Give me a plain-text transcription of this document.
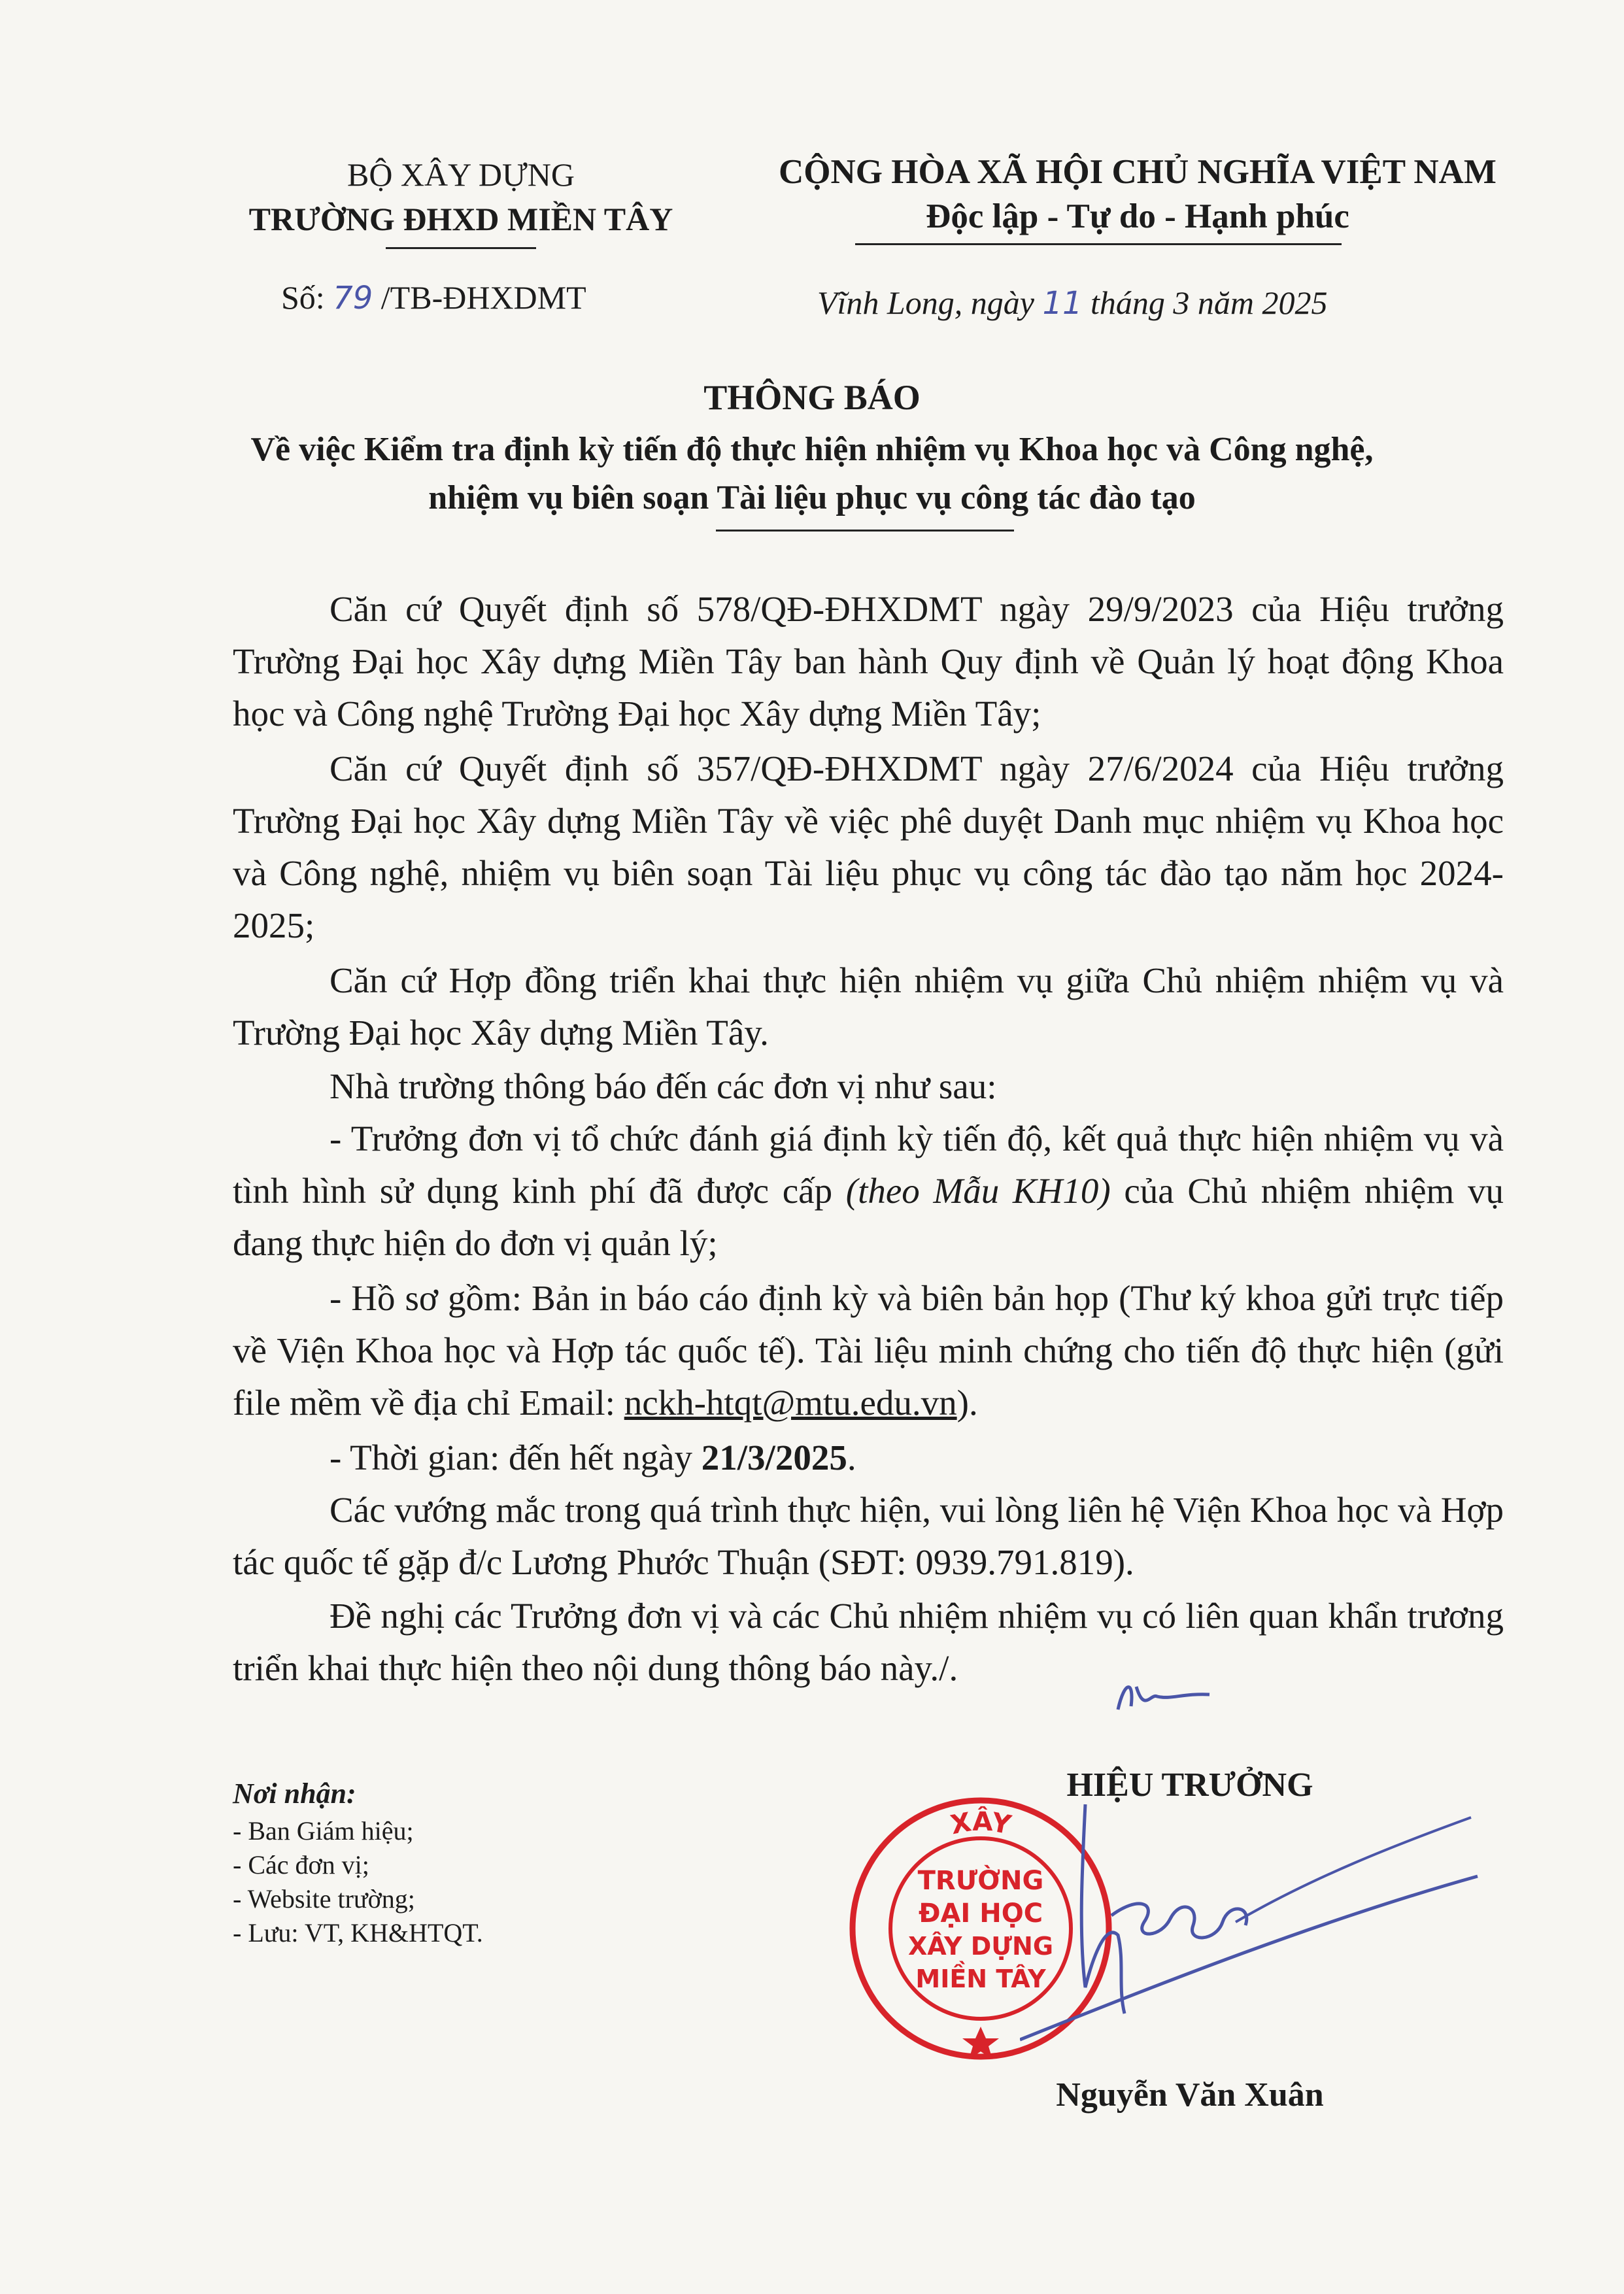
BỘ XÂY DỰNG
TRƯỜNG ĐHXD MIỀN TÂY
Số: 79 /TB-ĐHXDMT
CỘNG HÒA XÃ HỘI CHỦ NGHĨA VIỆT NAM
Độc lập - Tự do - Hạnh phúc
Vĩnh Long, ngày 11 tháng 3 năm 2025
THÔNG BÁO
Về việc Kiểm tra định kỳ tiến độ thực hiện nhiệm vụ Khoa học và Công nghệ,
nhiệm vụ biên soạn Tài liệu phục vụ công tác đào tạo
Căn cứ Quyết định số 578/QĐ-ĐHXDMT ngày 29/9/2023 của Hiệu trưởng Trường Đại học Xây dựng Miền Tây ban hành Quy định về Quản lý hoạt động Khoa học và Công nghệ Trường Đại học Xây dựng Miền Tây;
Căn cứ Quyết định số 357/QĐ-ĐHXDMT ngày 27/6/2024 của Hiệu trưởng Trường Đại học Xây dựng Miền Tây về việc phê duyệt Danh mục nhiệm vụ Khoa học và Công nghệ, nhiệm vụ biên soạn Tài liệu phục vụ công tác đào tạo năm học 2024-2025;
Căn cứ Hợp đồng triển khai thực hiện nhiệm vụ giữa Chủ nhiệm nhiệm vụ và Trường Đại học Xây dựng Miền Tây.
Nhà trường thông báo đến các đơn vị như sau:
- Trưởng đơn vị tổ chức đánh giá định kỳ tiến độ, kết quả thực hiện nhiệm vụ và tình hình sử dụng kinh phí đã được cấp (theo Mẫu KH10) của Chủ nhiệm nhiệm vụ đang thực hiện do đơn vị quản lý;
- Hồ sơ gồm: Bản in báo cáo định kỳ và biên bản họp (Thư ký khoa gửi trực tiếp về Viện Khoa học và Hợp tác quốc tế). Tài liệu minh chứng cho tiến độ thực hiện (gửi file mềm về địa chỉ Email: nckh-htqt@mtu.edu.vn).
- Thời gian: đến hết ngày 21/3/2025.
Các vướng mắc trong quá trình thực hiện, vui lòng liên hệ Viện Khoa học và Hợp tác quốc tế gặp đ/c Lương Phước Thuận (SĐT: 0939.791.819).
Đề nghị các Trưởng đơn vị và các Chủ nhiệm nhiệm vụ có liên quan khẩn trương triển khai thực hiện theo nội dung thông báo này./.
Nơi nhận:
- Ban Giám hiệu;
- Các đơn vị;
- Website trường;
- Lưu: VT, KH&HTQT.
HIỆU TRƯỞNG
XÂY
TRƯỜNG
ĐẠI HỌC
XÂY DỰNG
MIỀN TÂY
Nguyễn Văn Xuân
